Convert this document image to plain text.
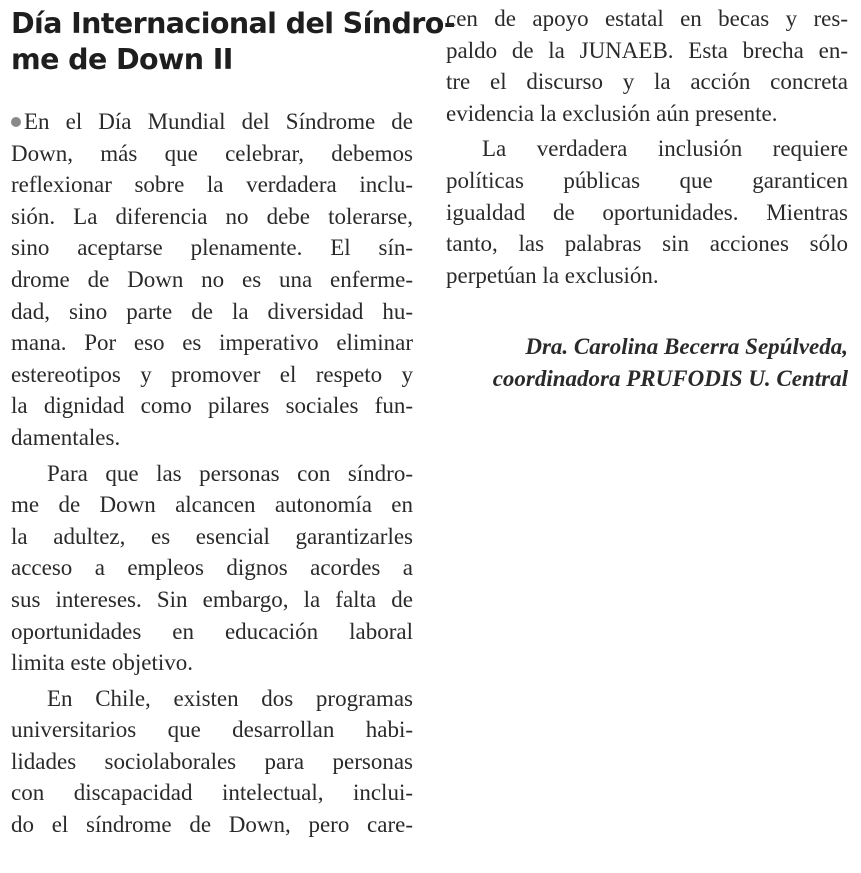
Día Internacional del Síndro-
me de Down II
En el Día Mundial del Síndrome de
Down, más que celebrar, debemos
reflexionar sobre la verdadera inclu-
sión. La diferencia no debe tolerarse,
sino aceptarse plenamente. El sín-
drome de Down no es una enferme-
dad, sino parte de la diversidad hu-
mana. Por eso es imperativo eliminar
estereotipos y promover el respeto y
la dignidad como pilares sociales fun-
damentales.
Para que las personas con síndro-
me de Down alcancen autonomía en
la adultez, es esencial garantizarles
acceso a empleos dignos acordes a
sus intereses. Sin embargo, la falta de
oportunidades en educación laboral
limita este objetivo.
En Chile, existen dos programas
universitarios que desarrollan habi-
lidades sociolaborales para personas
con discapacidad intelectual, inclui-
do el síndrome de Down, pero care-
cen de apoyo estatal en becas y res-
paldo de la JUNAEB. Esta brecha en-
tre el discurso y la acción concreta
evidencia la exclusión aún presente.
La verdadera inclusión requiere
políticas públicas que garanticen
igualdad de oportunidades. Mientras
tanto, las palabras sin acciones sólo
perpetúan la exclusión.
Dra. Carolina Becerra Sepúlveda,
coordinadora PRUFODIS U. Central
